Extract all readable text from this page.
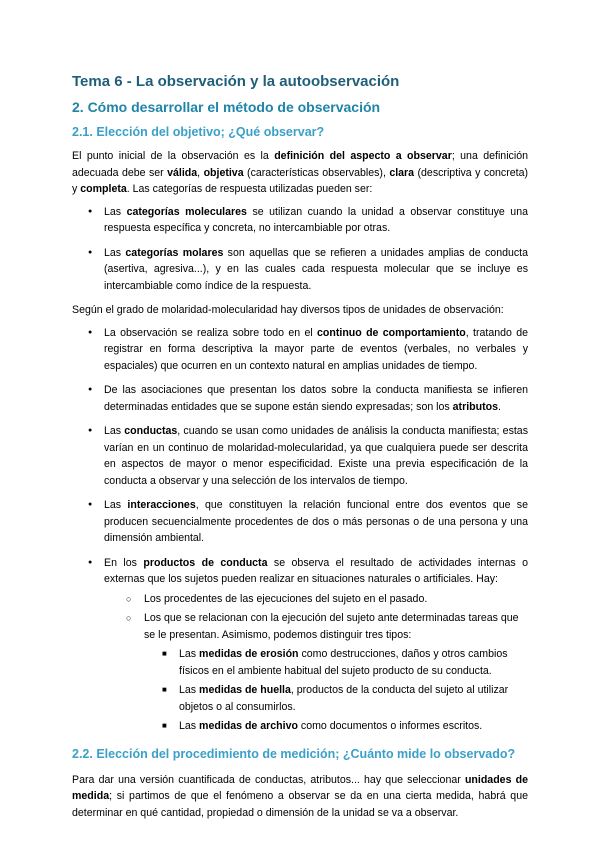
Tema 6 - La observación y la autoobservación
2. Cómo desarrollar el método de observación
2.1. Elección del objetivo; ¿Qué observar?

El punto inicial de la observación es la definición del aspecto a observar; una definición adecuada debe ser válida, objetiva (características observables), clara (descriptiva y concreta) y completa. Las categorías de respuesta utilizadas pueden ser:

● Las categorías moleculares se utilizan cuando la unidad a observar constituye una respuesta específica y concreta, no intercambiable por otras.
● Las categorías molares son aquellas que se refieren a unidades amplias de conducta (asertiva, agresiva...), y en las cuales cada respuesta molecular que se incluye es intercambiable como índice de la respuesta.

Según el grado de molaridad-molecularidad hay diversos tipos de unidades de observación:

● La observación se realiza sobre todo en el continuo de comportamiento, tratando de registrar en forma descriptiva la mayor parte de eventos (verbales, no verbales y espaciales) que ocurren en un contexto natural en amplias unidades de tiempo.
● De las asociaciones que presentan los datos sobre la conducta manifiesta se infieren determinadas entidades que se supone están siendo expresadas; son los atributos.
● Las conductas, cuando se usan como unidades de análisis la conducta manifiesta; estas varían en un continuo de molaridad-molecularidad, ya que cualquiera puede ser descrita en aspectos de mayor o menor especificidad. Existe una previa especificación de la conducta a observar y una selección de los intervalos de tiempo.
● Las interacciones, que constituyen la relación funcional entre dos eventos que se producen secuencialmente procedentes de dos o más personas o de una persona y una dimensión ambiental.
● En los productos de conducta se observa el resultado de actividades internas o externas que los sujetos pueden realizar en situaciones naturales o artificiales. Hay:
○ Los procedentes de las ejecuciones del sujeto en el pasado.
○ Los que se relacionan con la ejecución del sujeto ante determinadas tareas que se le presentan. Asimismo, podemos distinguir tres tipos:
■ Las medidas de erosión como destrucciones, daños y otros cambios físicos en el ambiente habitual del sujeto producto de su conducta.
■ Las medidas de huella, productos de la conducta del sujeto al utilizar objetos o al consumirlos.
■ Las medidas de archivo como documentos o informes escritos.
2.2. Elección del procedimiento de medición; ¿Cuánto mide lo observado?

Para dar una versión cuantificada de conductas, atributos... hay que seleccionar unidades de medida; si partimos de que el fenómeno a observar se da en una cierta medida, habrá que determinar en qué cantidad, propiedad o dimensión de la unidad se va a observar.
